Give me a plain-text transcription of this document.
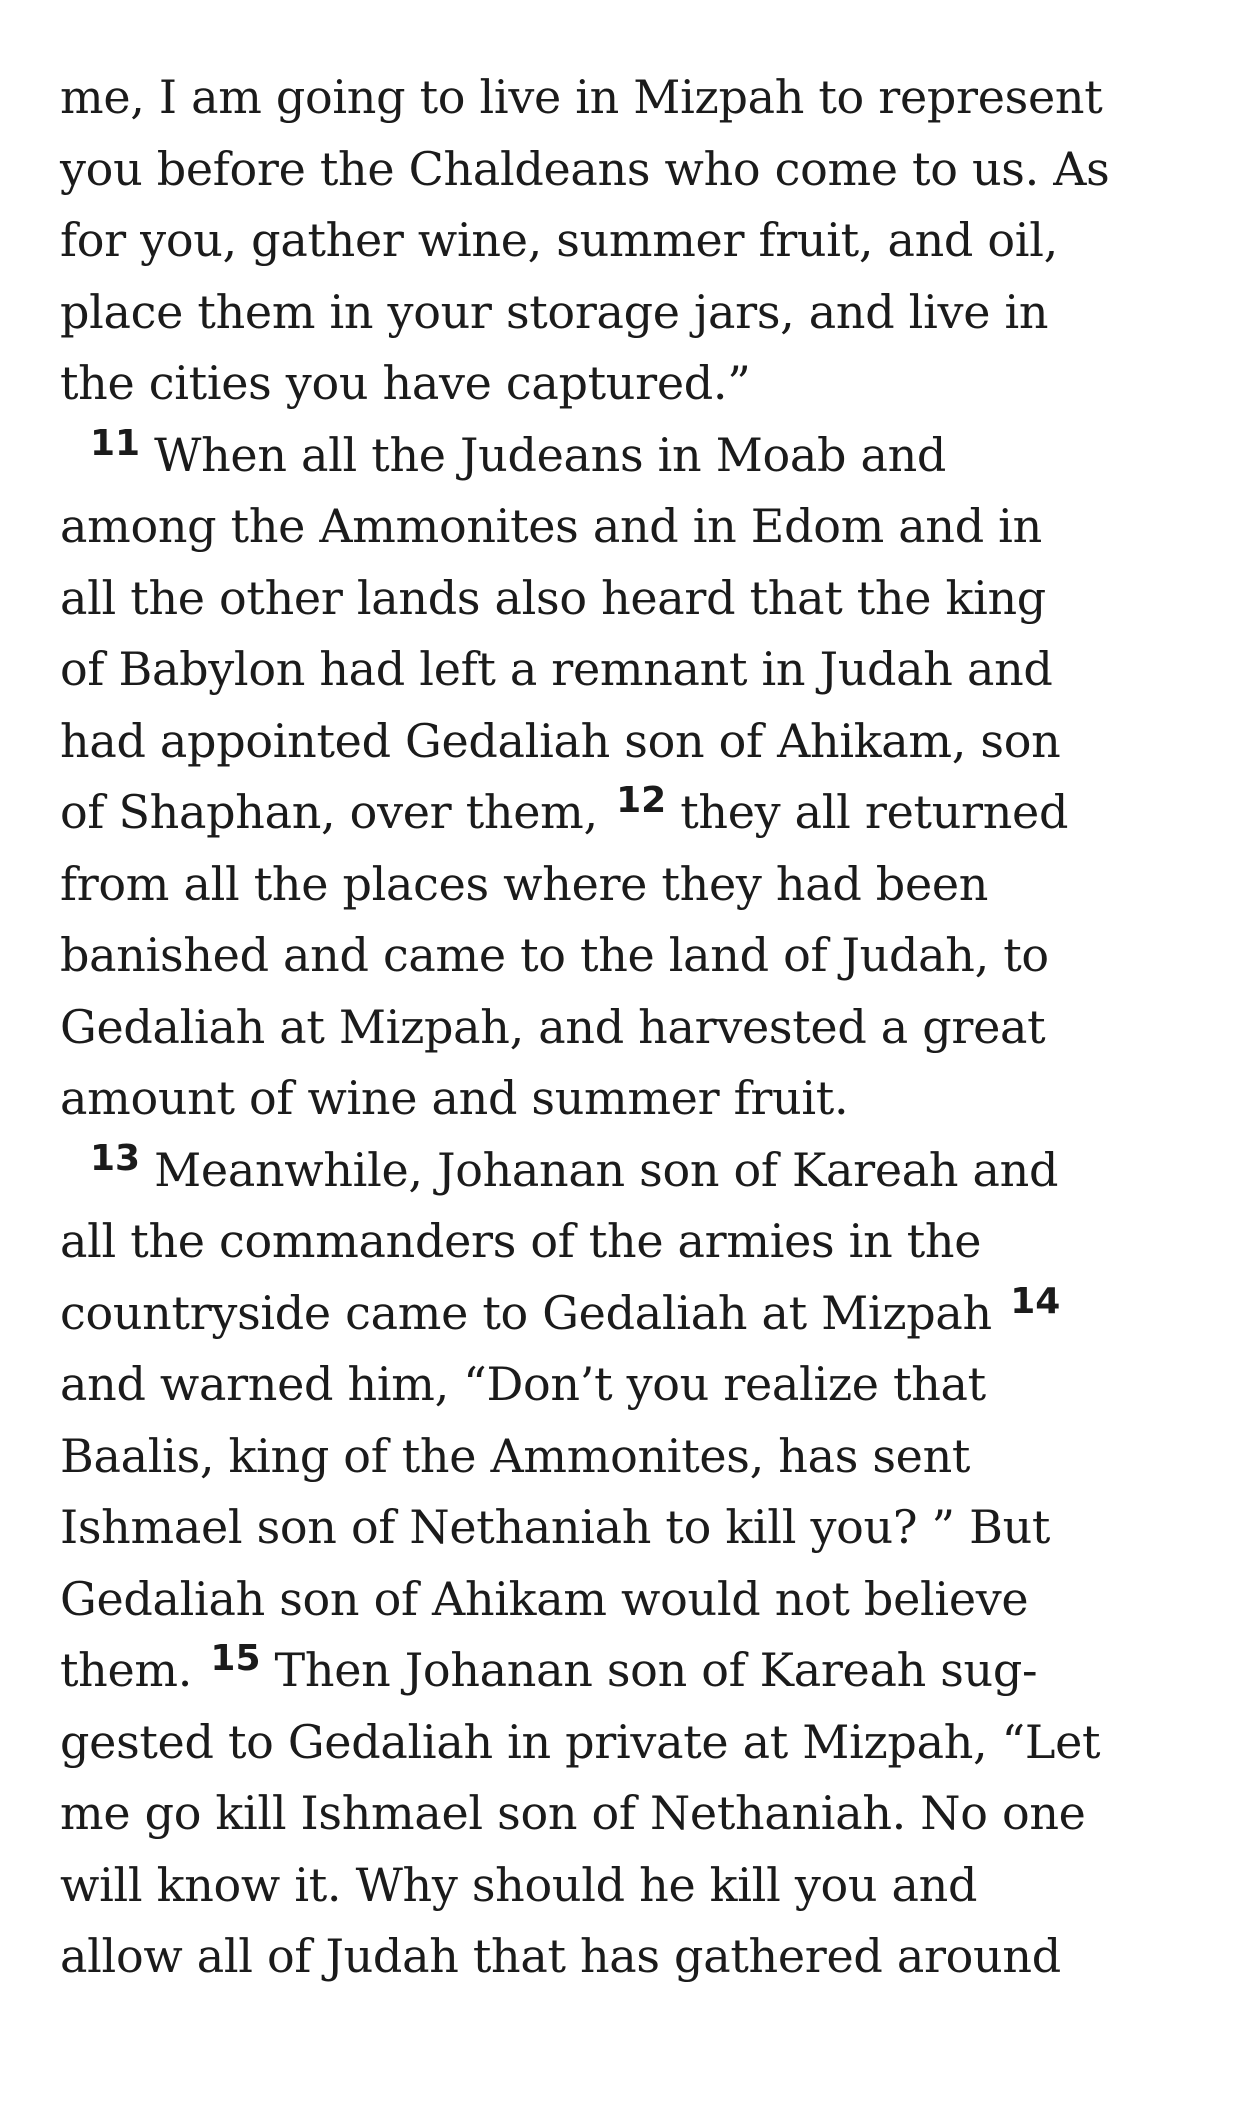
me, I am going to live in Mizpah to represent
you before the Chaldeans who come to us. As
for you, gather wine, summer fruit, and oil,
place them in your storage jars, and live in
the cities you have captured.”
$^{11}$ When all the Judeans in Moab and
among the Ammonites and in Edom and in
all the other lands also heard that the king
of Babylon had left a remnant in Judah and
had appointed Gedaliah son of Ahikam, son
of Shaphan, over them, $^{12}$ they all returned
from all the places where they had been
banished and came to the land of Judah, to
Gedaliah at Mizpah, and harvested a great
amount of wine and summer fruit.
$^{13}$ Meanwhile, Johanan son of Kareah and
all the commanders of the armies in the
countryside came to Gedaliah at Mizpah $^{14}$
and warned him, “Don’t you realize that
Baalis, king of the Ammonites, has sent
Ishmael son of Nethaniah to kill you? ” But
Gedaliah son of Ahikam would not believe
them. $^{15}$ Then Johanan son of Kareah sug-
gested to Gedaliah in private at Mizpah, “Let
me go kill Ishmael son of Nethaniah. No one
will know it. Why should he kill you and
allow all of Judah that has gathered around
